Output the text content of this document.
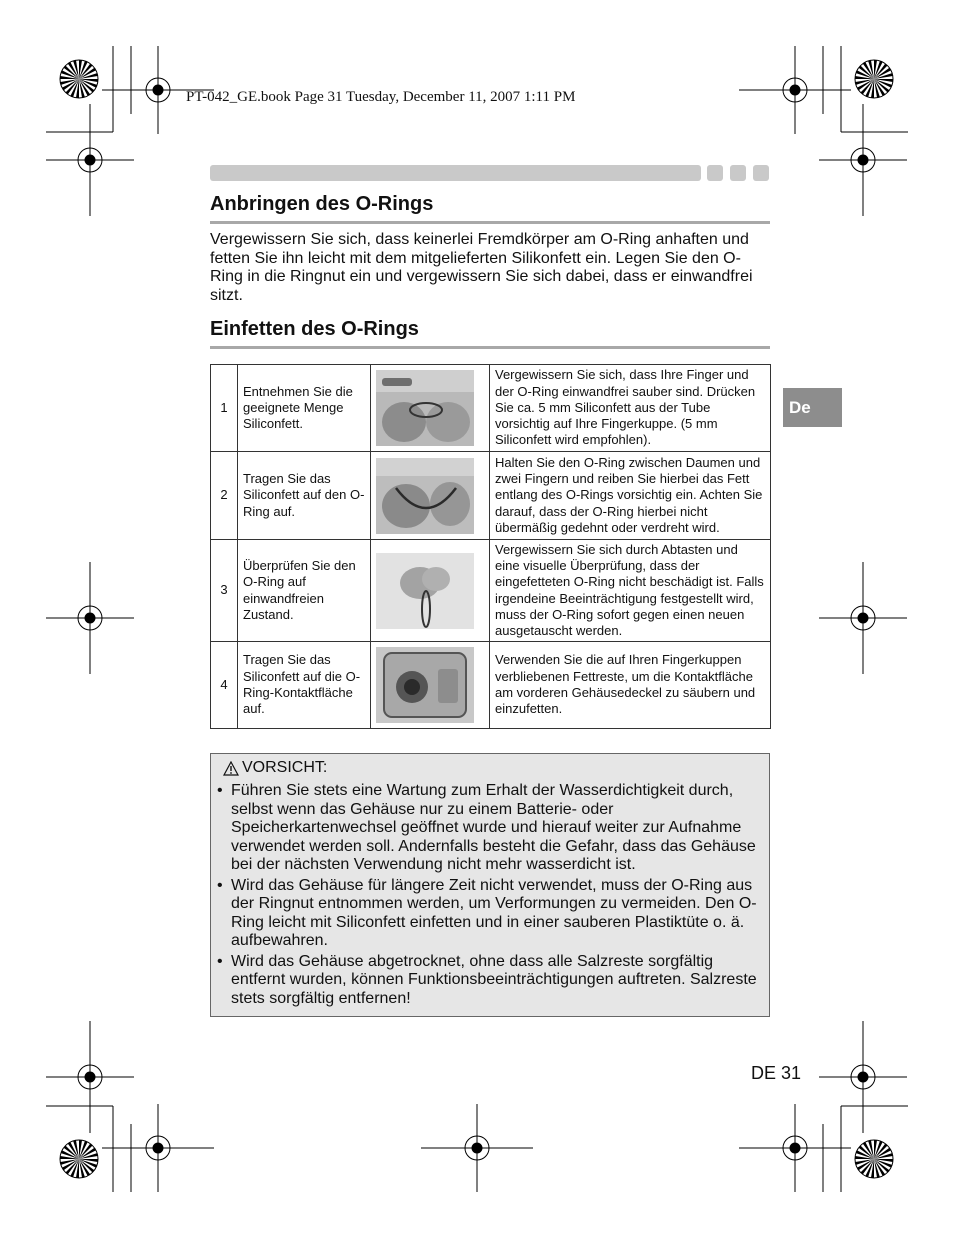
PT-042_GE.book Page 31 Tuesday, December 11, 2007 1:11 PM
Anbringen des O-Rings
Vergewissern Sie sich, dass keinerlei Fremdkörper am O-Ring anhaften und fetten Sie ihn leicht mit dem mitgelieferten Silikonfett ein. Legen Sie den O-Ring in die Ringnut ein und vergewissern Sie sich dabei, dass er einwandfrei sitzt.
Einfetten des O-Rings
De
1	Entnehmen Sie die geeignete Menge Siliconfett.		Vergewissern Sie sich, dass Ihre Finger und der O-Ring einwandfrei sauber sind. Drücken Sie ca. 5 mm Siliconfett aus der Tube vorsichtig auf Ihre Fingerkuppe. (5 mm Siliconfett wird empfohlen).
2	Tragen Sie das Siliconfett auf den O-Ring auf.		Halten Sie den O-Ring zwischen Daumen und zwei Fingern und reiben Sie hierbei das Fett entlang des O-Rings vorsichtig ein. Achten Sie darauf, dass der O-Ring hierbei nicht übermäßig gedehnt oder verdreht wird.
3	Überprüfen Sie den O-Ring auf einwandfreien Zustand.		Vergewissern Sie sich durch Abtasten und eine visuelle Überprüfung, dass der eingefetteten O-Ring nicht beschädigt ist. Falls irgendeine Beeinträchtigung festgestellt wird, muss der O-Ring sofort gegen einen neuen ausgetauscht werden.
4	Tragen Sie das Siliconfett auf die O-Ring-Kontaktfläche auf.		Verwenden Sie die auf Ihren Fingerkuppen verbliebenen Fettreste, um die Kontaktfläche am vorderen Gehäusedeckel zu säubern und einzufetten.
VORSICHT:
• Führen Sie stets eine Wartung zum Erhalt der Wasserdichtigkeit durch, selbst wenn das Gehäuse nur zu einem Batterie- oder Speicherkartenwechsel geöffnet wurde und hierauf weiter zur Aufnahme verwendet werden soll. Andernfalls besteht die Gefahr, dass das Gehäuse bei der nächsten Verwendung nicht mehr wasserdicht ist.
• Wird das Gehäuse für längere Zeit nicht verwendet, muss der O-Ring aus der Ringnut entnommen werden, um Verformungen zu vermeiden. Den O-Ring leicht mit Siliconfett einfetten und in einer sauberen Plastiktüte o. ä. aufbewahren.
• Wird das Gehäuse abgetrocknet, ohne dass alle Salzreste sorgfältig entfernt wurden, können Funktionsbeeinträchtigungen auftreten. Salzreste stets sorgfältig entfernen!
DE 31
